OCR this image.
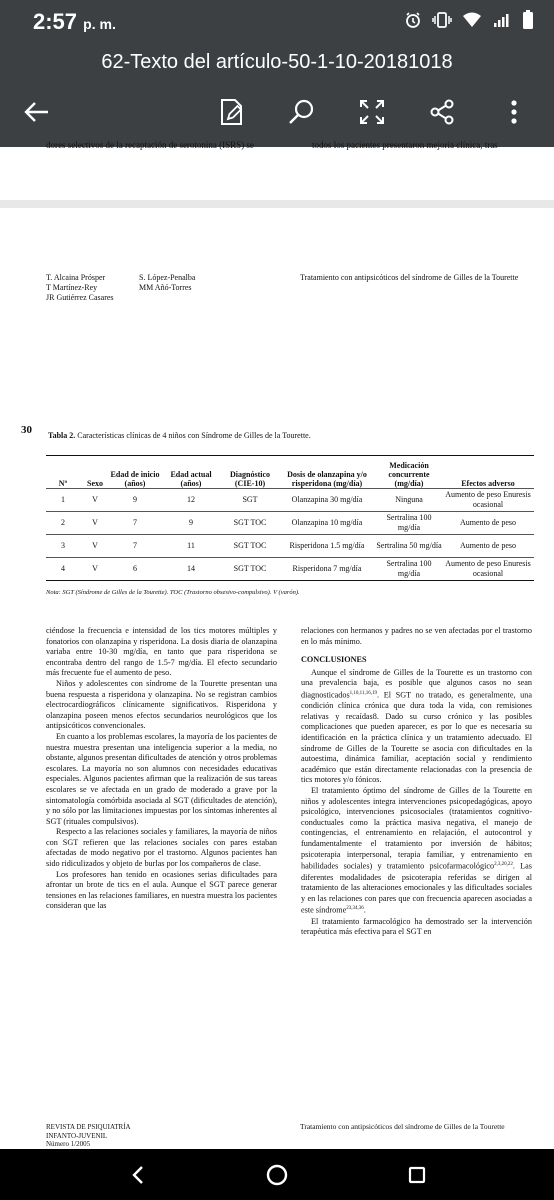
2:57 p. m.
62-Texto del artículo-50-1-10-20181018
dores selectivos de la recaptación de serotonina (ISRS) se	todos los pacientes presentaron mejoría clínica, tras
T. Alcaina Prósper
T Martínez-Rey
JR Gutiérrez Casares
S. López-Penalba
MM Añó-Torres
Tratamiento con antipsicóticos del síndrome de Gilles de la Tourette
30 Tabla 2. Características clínicas de 4 niños con Síndrome de Gilles de la Tourette.
Nº	Sexo	Edad de inicio (años)	Edad actual (años)	Diagnóstico (CIE-10)	Dosis de olanzapina y/o risperidona (mg/día)	Medicación concurrente (mg/día)	Efectos adverso
1	V	9	12	SGT	Olanzapina 30 mg/día	Ninguna	Aumento de peso Enuresis ocasional
2	V	7	9	SGT TOC	Olanzapina 10 mg/día	Sertralina 100 mg/día	Aumento de peso
3	V	7	11	SGT TOC	Risperidona 1.5 mg/día	Sertralina 50 mg/día	Aumento de peso
4	V	6	14	SGT TOC	Risperidona 7 mg/día	Sertralina 100 mg/día	Aumento de peso Enuresis ocasional
Nota: SGT (Síndrome de Gilles de la Tourette). TOC (Trastorno obsesivo-compulsivo). V (varón).

ciéndose la frecuencia e intensidad de los tics motores múltiples y fonatorios con olanzapina y risperidona. La dosis diaria de olanzapina variaba entre 10-30 mg/día, en tanto que para risperidona se encontraba dentro del rango de 1.5-7 mg/día. El efecto secundario más frecuente fue el aumento de peso.

Niños y adolescentes con síndrome de la Tourette presentan una buena respuesta a risperidona y olanzapina. No se registran cambios electrocardiográficos clínicamente significativos. Risperidona y olanzapina poseen menos efectos secundarios neurológicos que los antipsicóticos convencionales.

En cuanto a los problemas escolares, la mayoría de los pacientes de nuestra muestra presentan una inteligencia superior a la media, no obstante, algunos presentan dificultades de atención y otros problemas escolares. La mayoría no son alumnos con necesidades educativas especiales. Algunos pacientes afirman que la realización de sus tareas escolares se ve afectada en un grado de moderado a grave por la sintomatología comórbida asociada al SGT (dificultades de atención), y no sólo por las limitaciones impuestas por los síntomas inherentes al SGT (rituales compulsivos).

Respecto a las relaciones sociales y familiares, la mayoría de niños con SGT refieren que las relaciones sociales con pares estaban afectadas de modo negativo por el trastorno. Algunos pacientes han sido ridiculizados y objeto de burlas por los compañeros de clase.

Los profesores han tenido en ocasiones serias dificultades para afrontar un brote de tics en el aula. Aunque el SGT parece generar tensiones en las relaciones familiares, en nuestra muestra los pacientes consideran que las

relaciones con hermanos y padres no se ven afectadas por el trastorno en lo más mínimo.

CONCLUSIONES

Aunque el síndrome de Gilles de la Tourette es un trastorno con una prevalencia baja, es posible que algunos casos no sean diagnosticados$^{1,10,11,16,19}$. El SGT no tratado, es generalmente, una condición clínica crónica que dura toda la vida, con remisiones relativas y recaídas8. Dado su curso crónico y las posibles complicaciones que pueden aparecer, es por lo que es necesaria su identificación en la práctica clínica y un tratamiento adecuado. El síndrome de Gilles de la Tourette se asocia con dificultades en la autoestima, dinámica familiar, aceptación social y rendimiento académico que están directamente relacionadas con la presencia de tics motores y/o fónicos.

El tratamiento óptimo del síndrome de Gilles de la Tourette en niños y adolescentes integra intervenciones psicopedagógicas, apoyo psicológico, intervenciones psicosociales (tratamientos cognitivo-conductuales como la práctica masiva negativa, el manejo de contingencias, el entrenamiento en relajación, el autocontrol y fundamentalmente el tratamiento por inversión de hábitos; psicoterapia interpersonal, terapia familiar, y entrenamiento en habilidades sociales) y tratamiento psicofarmacológico$^{2,3,20,22}$. Las diferentes modalidades de psicoterapia referidas se dirigen al tratamiento de las alteraciones emocionales y las dificultades sociales y en las relaciones con pares que con frecuencia aparecen asociadas a este síndrome$^{23,34,36}$.

El tratamiento farmacológico ha demostrado ser la intervención terapéutica más efectiva para el SGT en

REVISTA DE PSIQUIATRÍA
INFANTO-JUVENIL
Número 1/2005
Tratamiento con antipsicóticos del síndrome de Gilles de la Tourette
